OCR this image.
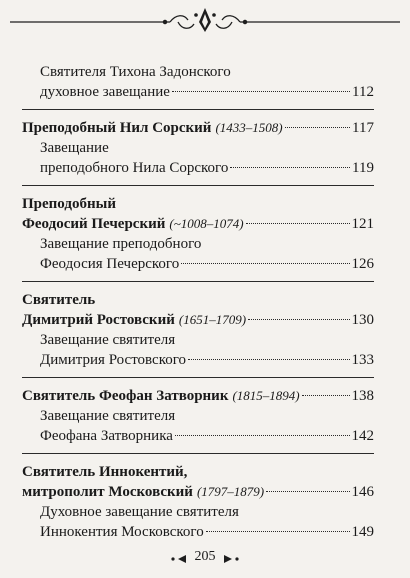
Святителя Тихона Задонского
духовное завещание	112
Преподобный Нил Сорский (1433–1508)	117
Завещание
преподобного Нила Сорского	119
Преподобный
Феодосий Печерский (~1008–1074)	121
Завещание преподобного
Феодосия Печерского	126
Святитель
Димитрий Ростовский (1651–1709)	130
Завещание святителя
Димитрия Ростовского	133
Святитель Феофан Затворник (1815–1894)	138
Завещание святителя
Феофана Затворника	142
Святитель Иннокентий,
митрополит Московский (1797–1879)	146
Духовное завещание святителя
Иннокентия Московского	149
205
